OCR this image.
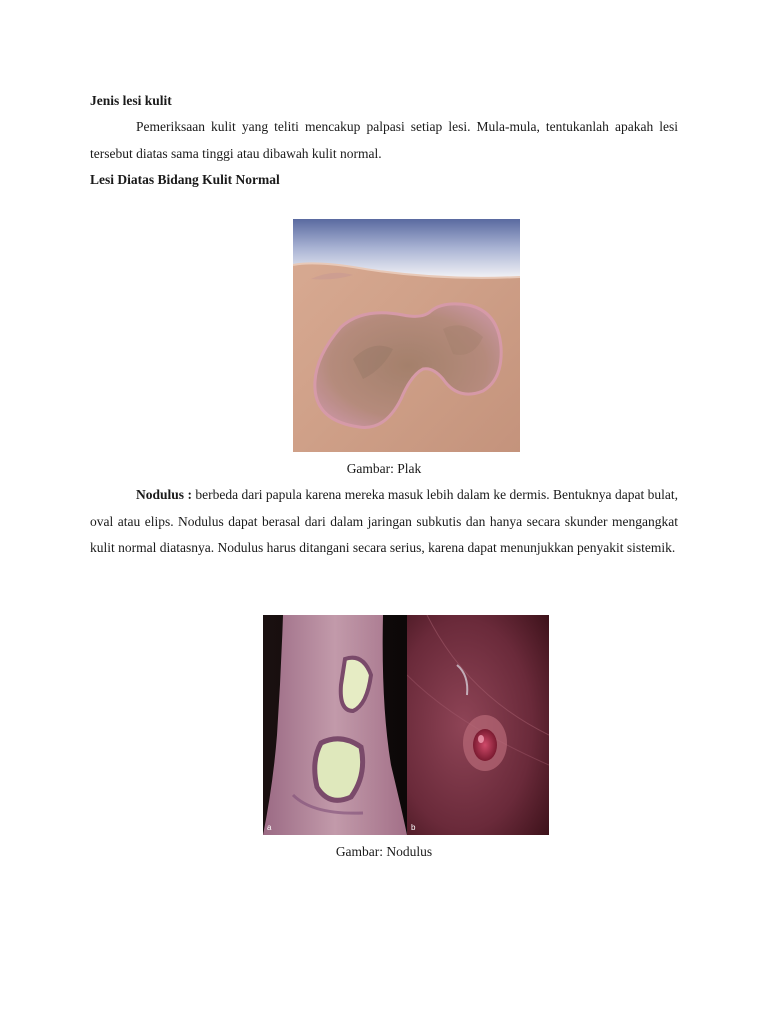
Jenis lesi kulit

Pemeriksaan kulit yang teliti mencakup palpasi setiap lesi. Mula-mula, tentukanlah apakah lesi tersebut diatas sama tinggi atau dibawah kulit normal.

Lesi Diatas Bidang Kulit Normal

Gambar: Plak

Nodulus : berbeda dari papula karena mereka masuk lebih dalam ke dermis. Bentuknya dapat bulat, oval atau elips. Nodulus dapat berasal dari dalam jaringan subkutis dan hanya secara skunder mengangkat kulit normal diatasnya. Nodulus harus ditangani secara serius, karena dapat menunjukkan penyakit sistemik.

a	b
Gambar: Nodulus
